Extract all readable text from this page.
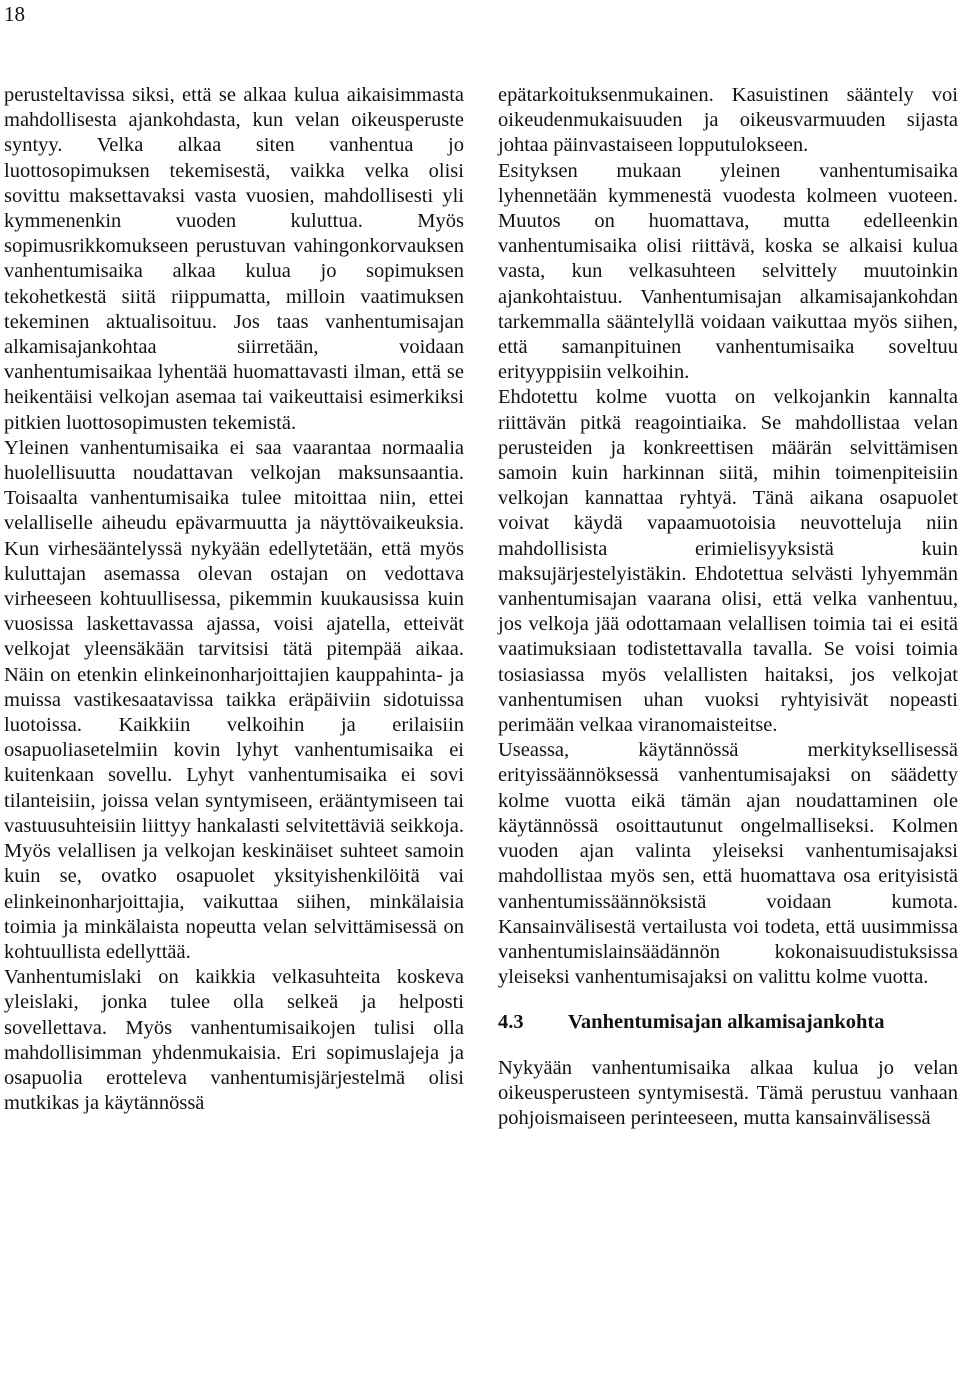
18

perusteltavissa siksi, että se alkaa kulua aikaisimmasta mahdollisesta ajankohdasta, kun velan oikeusperuste syntyy. Velka alkaa siten vanhentua jo luottosopimuksen tekemisestä, vaikka velka olisi sovittu maksettavaksi vasta vuosien, mahdollisesti yli kymmenenkin vuoden kuluttua. Myös sopimusrikkomukseen perustuvan vahingonkorvauksen vanhentumisaika alkaa kulua jo sopimuksen tekohetkestä siitä riippumatta, milloin vaatimuksen tekeminen aktualisoituu. Jos taas vanhentumisajan alkamisajankohtaa siirretään, voidaan vanhentumisaikaa lyhentää huomattavasti ilman, että se heikentäisi velkojan asemaa tai vaikeuttaisi esimerkiksi pitkien luottosopimusten tekemistä.

Yleinen vanhentumisaika ei saa vaarantaa normaalia huolellisuutta noudattavan velkojan maksunsaantia. Toisaalta vanhentumisaika tulee mitoittaa niin, ettei velalliselle aiheudu epävarmuutta ja näyttövaikeuksia. Kun virhesääntelyssä nykyään edellytetään, että myös kuluttajan asemassa olevan ostajan on vedottava virheeseen kohtuullisessa, pikemmin kuukausissa kuin vuosissa laskettavassa ajassa, voisi ajatella, etteivät velkojat yleensäkään tarvitsisi tätä pitempää aikaa. Näin on etenkin elinkeinonharjoittajien kauppahinta- ja muissa vastikesaatavissa taikka eräpäiviin sidotuissa luotoissa. Kaikkiin velkoihin ja erilaisiin osapuoliasetelmiin kovin lyhyt vanhentumisaika ei kuitenkaan sovellu. Lyhyt vanhentumisaika ei sovi tilanteisiin, joissa velan syntymiseen, erääntymiseen tai vastuusuhteisiin liittyy hankalasti selvitettäviä seikkoja. Myös velallisen ja velkojan keskinäiset suhteet samoin kuin se, ovatko osapuolet yksityishenkilöitä vai elinkeinonharjoittajia, vaikuttaa siihen, minkälaisia toimia ja minkälaista nopeutta velan selvittämisessä on kohtuullista edellyttää.

Vanhentumislaki on kaikkia velkasuhteita koskeva yleislaki, jonka tulee olla selkeä ja helposti sovellettava. Myös vanhentumisaikojen tulisi olla mahdollisimman yhdenmukaisia. Eri sopimuslajeja ja osapuolia erotteleva vanhentumisjärjestelmä olisi mutkikas ja käytännössä

epätarkoituksenmukainen. Kasuistinen sääntely voi oikeudenmukaisuuden ja oikeusvarmuuden sijasta johtaa päinvastaiseen lopputulokseen.

Esityksen mukaan yleinen vanhentumisaika lyhennetään kymmenestä vuodesta kolmeen vuoteen. Muutos on huomattava, mutta edelleenkin vanhentumisaika olisi riittävä, koska se alkaisi kulua vasta, kun velkasuhteen selvittely muutoinkin ajankohtaistuu. Vanhentumisajan alkamisajankohdan tarkemmalla sääntelyllä voidaan vaikuttaa myös siihen, että samanpituinen vanhentumisaika soveltuu erityyppisiin velkoihin.

Ehdotettu kolme vuotta on velkojankin kannalta riittävän pitkä reagointiaika. Se mahdollistaa velan perusteiden ja konkreettisen määrän selvittämisen samoin kuin harkinnan siitä, mihin toimenpiteisiin velkojan kannattaa ryhtyä. Tänä aikana osapuolet voivat käydä vapaamuotoisia neuvotteluja niin mahdollisista erimielisyyksistä kuin maksujärjestelyistäkin. Ehdotettua selvästi lyhyemmän vanhentumisajan vaarana olisi, että velka vanhentuu, jos velkoja jää odottamaan velallisen toimia tai ei esitä vaatimuksiaan todistettavalla tavalla. Se voisi toimia tosiasiassa myös velallisten haitaksi, jos velkojat vanhentumisen uhan vuoksi ryhtyisivät nopeasti perimään velkaa viranomaisteitse.

Useassa, käytännössä merkityksellisessä erityissäännöksessä vanhentumisajaksi on säädetty kolme vuotta eikä tämän ajan noudattaminen ole käytännössä osoittautunut ongelmalliseksi. Kolmen vuoden ajan valinta yleiseksi vanhentumisajaksi mahdollistaa myös sen, että huomattava osa erityisistä vanhentumissäännöksistä voidaan kumota. Kansainvälisestä vertailusta voi todeta, että uusimmissa vanhentumislainsäädännön kokonaisuudistuksissa yleiseksi vanhentumisajaksi on valittu kolme vuotta.

4.3	Vanhentumisajan alkamisajankohta

Nykyään vanhentumisaika alkaa kulua jo velan oikeusperusteen syntymisestä. Tämä perustuu vanhaan pohjoismaiseen perinteeseen, mutta kansainvälisessä
